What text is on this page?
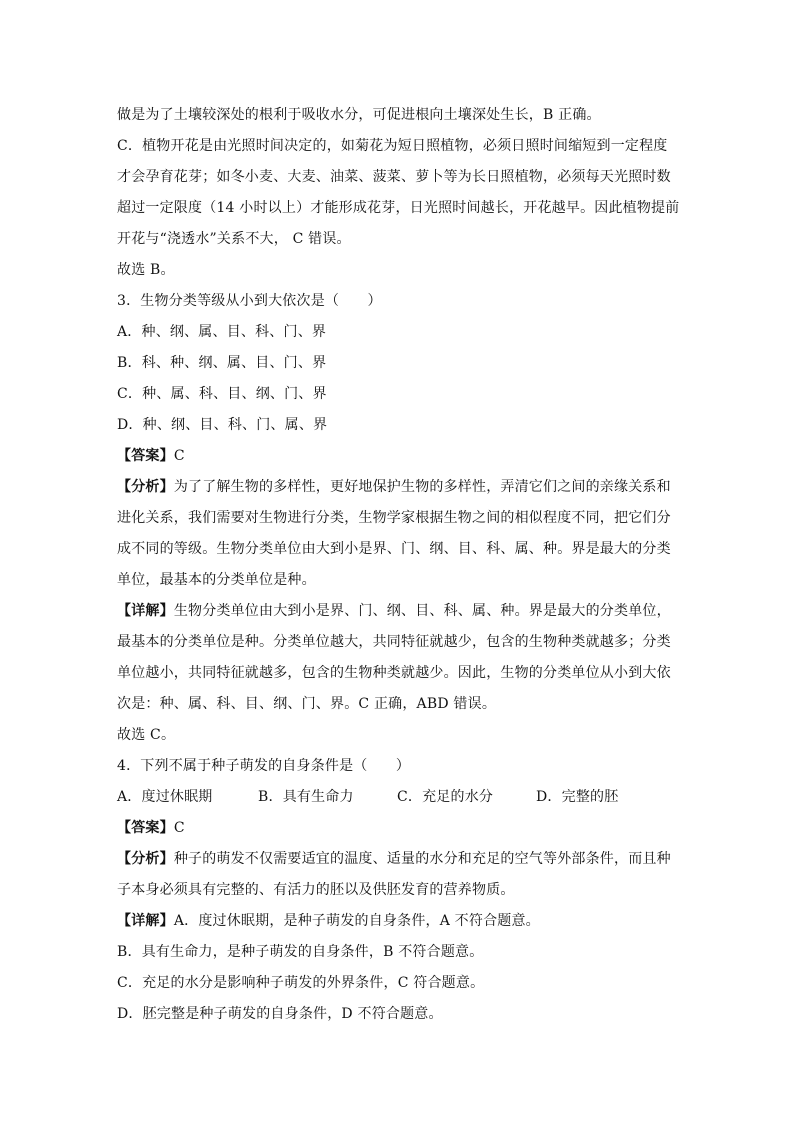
做是为了土壤较深处的根利于吸收水分，可促进根向土壤深处生长，B 正确。
C．植物开花是由光照时间决定的，如菊花为短日照植物，必须日照时间缩短到一定程度
才会孕育花芽；如冬小麦、大麦、油菜、菠菜、萝卜等为长日照植物，必须每天光照时数
超过一定限度（14 小时以上）才能形成花芽，日光照时间越长，开花越早。因此植物提前
开花与“浇透水”关系不大， C 错误。
故选 B。
3．生物分类等级从小到大依次是（　　）
A．种、纲、属、目、科、门、界
B．科、种、纲、属、目、门、界
C．种、属、科、目、纲、门、界
D．种、纲、目、科、门、属、界
【答案】C
【分析】为了了解生物的多样性，更好地保护生物的多样性，弄清它们之间的亲缘关系和
进化关系，我们需要对生物进行分类，生物学家根据生物之间的相似程度不同，把它们分
成不同的等级。生物分类单位由大到小是界、门、纲、目、科、属、种。界是最大的分类
单位，最基本的分类单位是种。
【详解】生物分类单位由大到小是界、门、纲、目、科、属、种。界是最大的分类单位，
最基本的分类单位是种。分类单位越大，共同特征就越少，包含的生物种类就越多；分类
单位越小，共同特征就越多，包含的生物种类就越少。因此，生物的分类单位从小到大依
次是：种、属、科、目、纲、门、界。C 正确，ABD 错误。
故选 C。
4．下列不属于种子萌发的自身条件是（　　）
A．度过休眠期	B．具有生命力	C．充足的水分	D．完整的胚
【答案】C
【分析】种子的萌发不仅需要适宜的温度、适量的水分和充足的空气等外部条件，而且种
子本身必须具有完整的、有活力的胚以及供胚发育的营养物质。
【详解】A．度过休眠期，是种子萌发的自身条件，A 不符合题意。
B．具有生命力，是种子萌发的自身条件，B 不符合题意。
C．充足的水分是影响种子萌发的外界条件，C 符合题意。
D．胚完整是种子萌发的自身条件，D 不符合题意。
